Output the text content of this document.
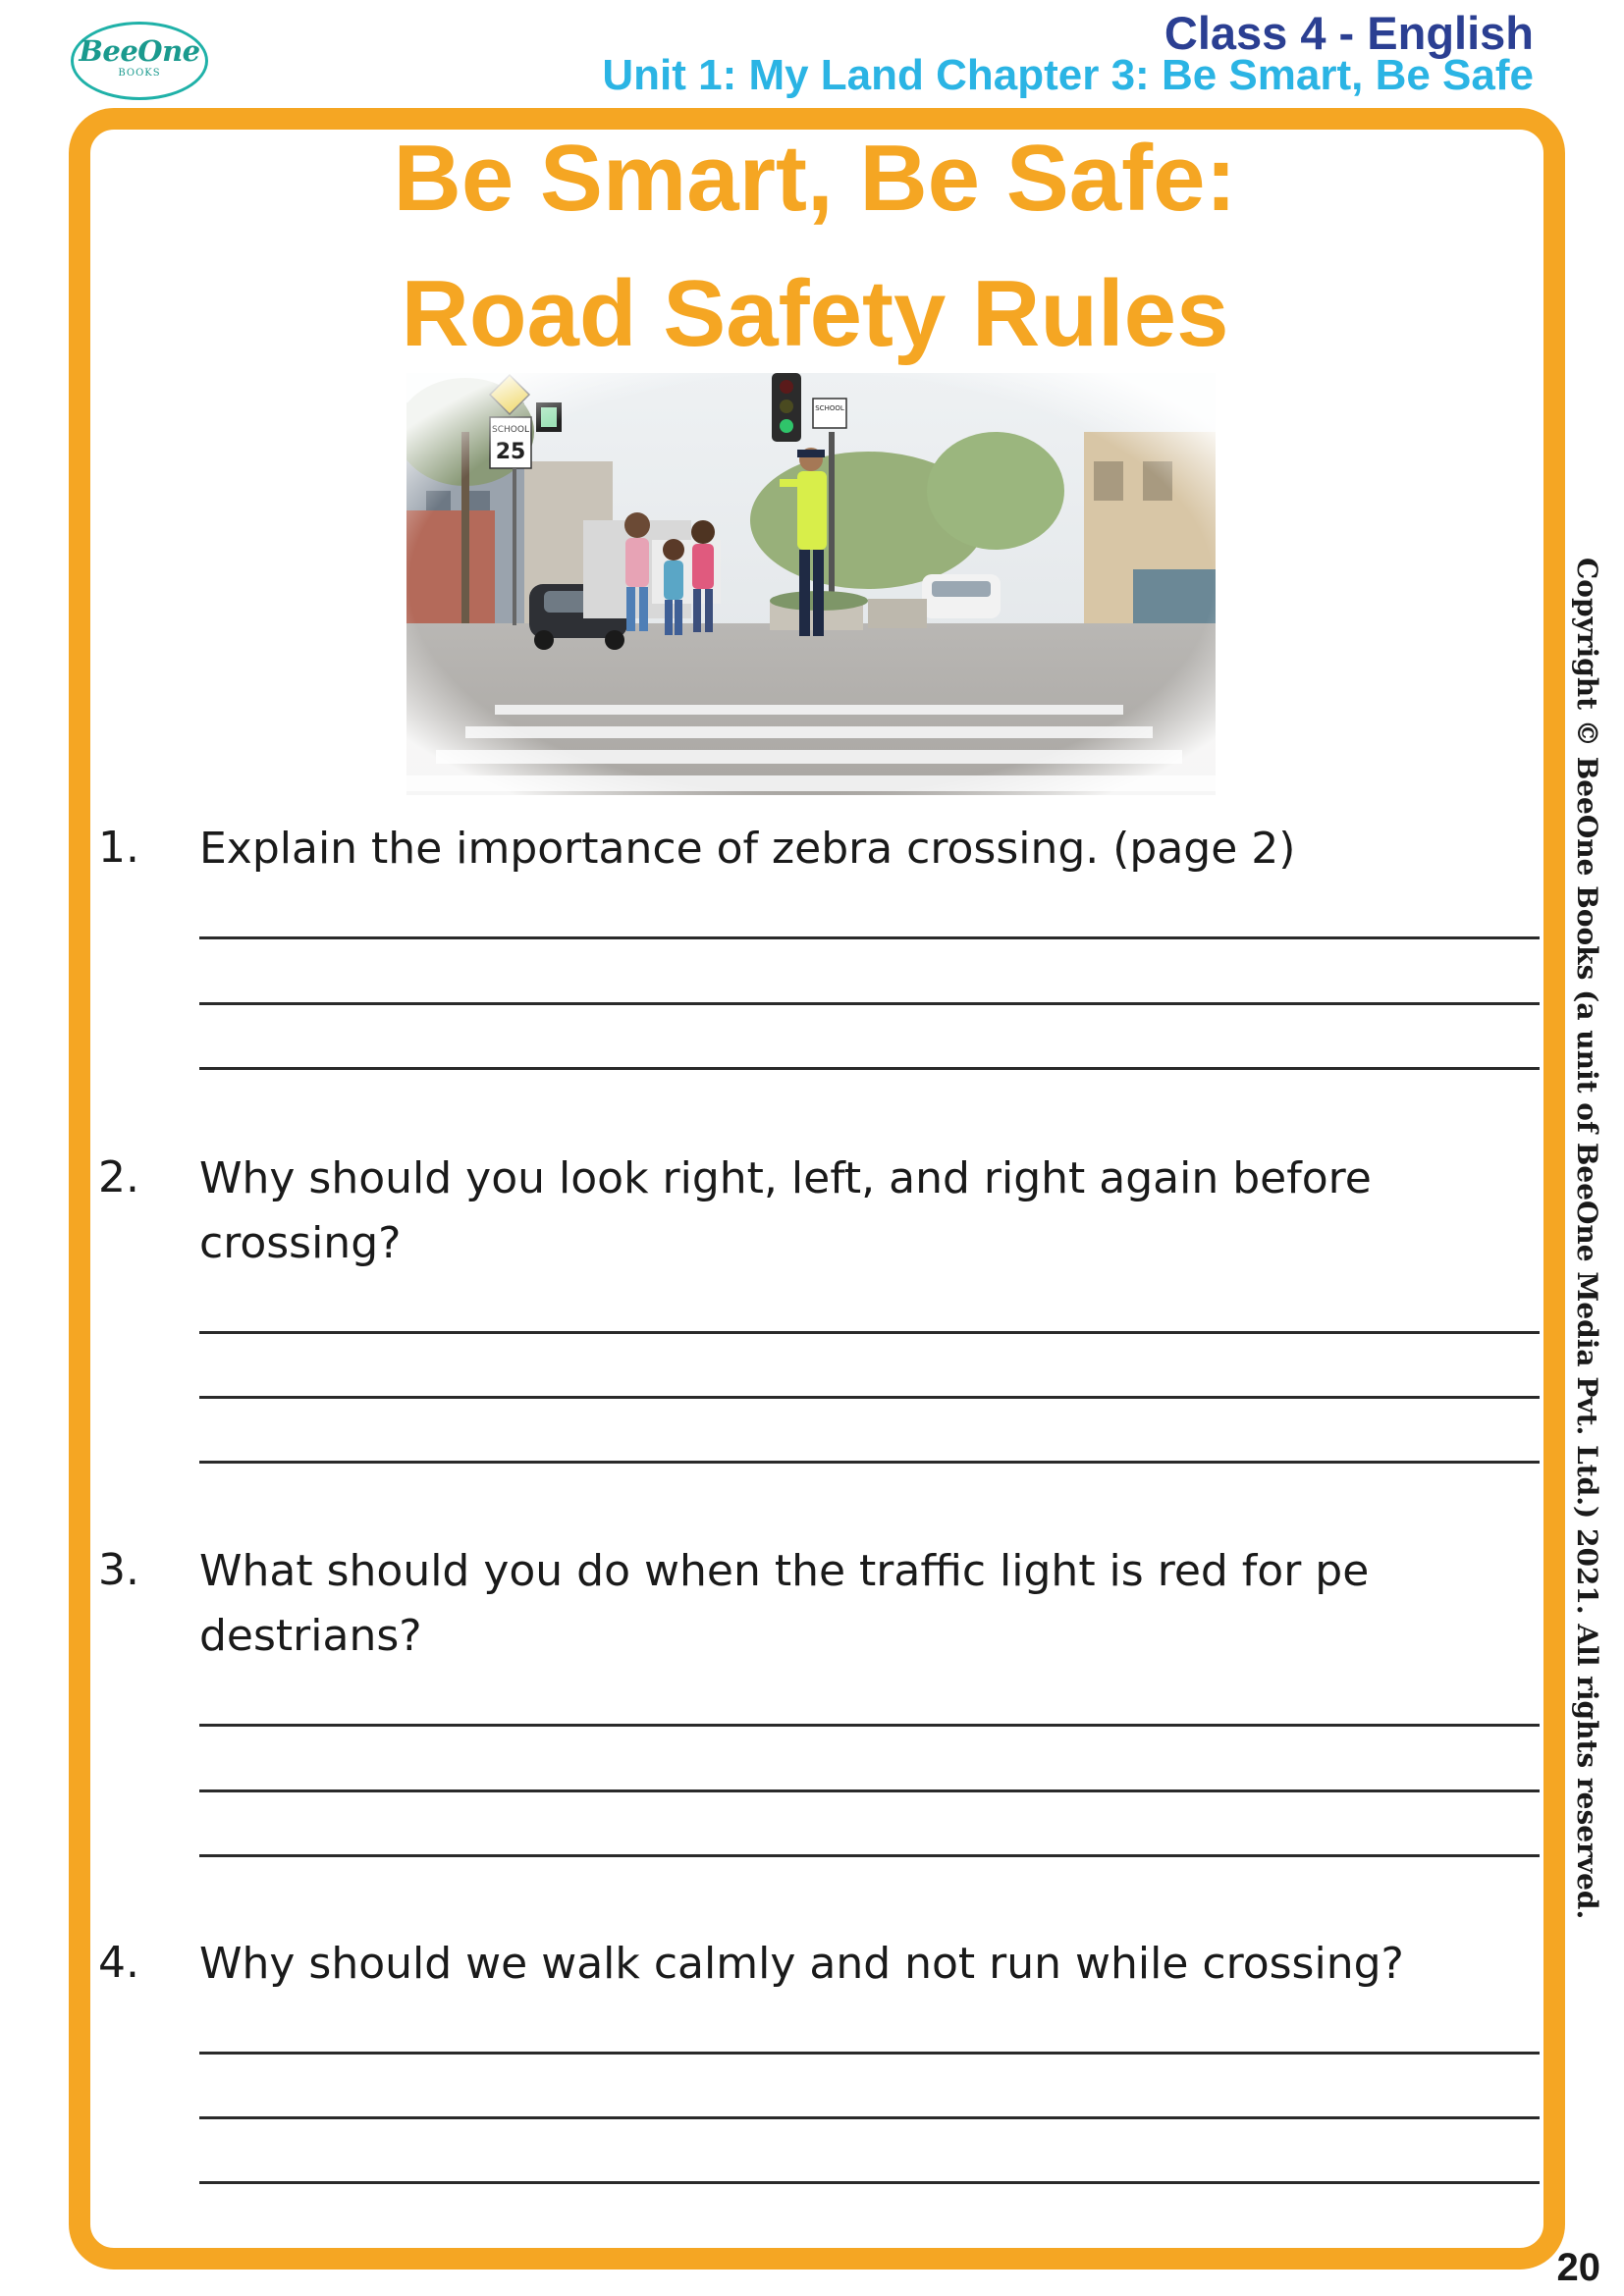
BeeOne
BOOKS
Class 4 - English
Unit 1: My Land Chapter 3: Be Smart, Be Safe
Be Smart, Be Safe:
Road Safety Rules
1. Explain the importance of zebra crossing. (page 2)
2. Why should you look right, left, and right again before
crossing?
3. What should you do when the traffic light is red for pe
destrians?
4. Why should we walk calmly and not run while crossing?
Copyright © BeeOne Books (a unit of BeeOne Media Pvt. Ltd.) 2021. All rights reserved.
20
